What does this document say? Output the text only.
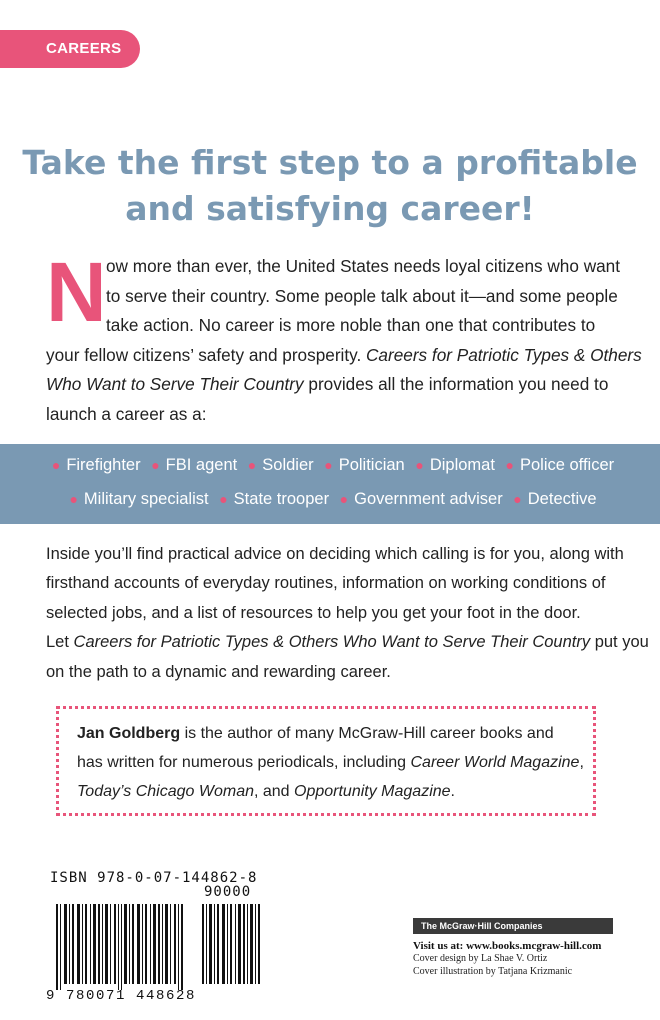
CAREERS
Take the first step to a profitable
and satisfying career!
N ow more than ever, the United States needs loyal citizens who want
to serve their country. Some people talk about it—and some people
take action. No career is more noble than one that contributes to
your fellow citizens’ safety and prosperity. Careers for Patriotic Types & Others
Who Want to Serve Their Country provides all the information you need to
launch a career as a:
● Firefighter ● FBI agent ● Soldier ● Politician ● Diplomat ● Police officer
● Military specialist ● State trooper ● Government adviser ● Detective
Inside you’ll find practical advice on deciding which calling is for you, along with
firsthand accounts of everyday routines, information on working conditions of
selected jobs, and a list of resources to help you get your foot in the door.
Let Careers for Patriotic Types & Others Who Want to Serve Their Country put you
on the path to a dynamic and rewarding career.
Jan Goldberg is the author of many McGraw-Hill career books and
has written for numerous periodicals, including Career World Magazine,
Today’s Chicago Woman, and Opportunity Magazine.
ISBN 978-0-07-144862-8
90000
9 780071 448628
The McGraw·Hill Companies
Visit us at: www.books.mcgraw-hill.com
Cover design by La Shae V. Ortiz
Cover illustration by Tatjana Krizmanic
